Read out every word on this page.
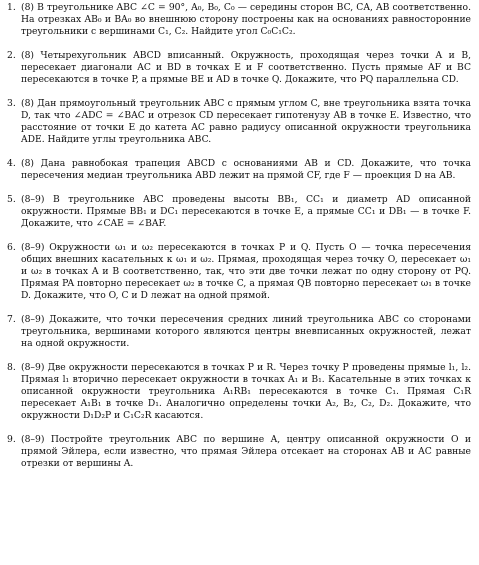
1. (8) В треугольнике ABC ∠C = 90°, A₀, B₀, C₀ — середины сторон BC, CA, AB соответственно. На отрезках AB₀ и BA₀ во внешнюю сторону построены как на основаниях равносторонние треугольники с вершинами C₁, C₂. Найдите угол C₀C₁C₂.

2. (8) Четырехугольник ABCD вписанный. Окружность, проходящая через точки A и B, пересекает диагонали AC и BD в точках E и F соответственно. Пусть прямые AF и BC пересекаются в точке P, а прямые BE и AD в точке Q. Докажите, что PQ параллельна CD.

3. (8) Дан прямоугольный треугольник ABC с прямым углом C, вне треугольника взята точка D, так что ∠ADC = ∠BAC и отрезок CD пересекает гипотенузу AB в точке E. Известно, что расстояние от точки E до катета AC равно радиусу описанной окружности треугольника ADE. Найдите углы треугольника ABC.

4. (8) Дана равнобокая трапеция ABCD с основаниями AB и CD. Докажите, что точка пересечения медиан треугольника ABD лежит на прямой CF, где F — проекция D на AB.

5. (8–9) В треугольнике ABC проведены высоты BB₁, CC₁ и диаметр AD описанной окружности. Прямые BB₁ и DC₁ пересекаются в точке E, а прямые CC₁ и DB₁ — в точке F. Докажите, что ∠CAE = ∠BAF.

6. (8–9) Окружности ω₁ и ω₂ пересекаются в точках P и Q. Пусть O — точка пересечения общих внешних касательных к ω₁ и ω₂. Прямая, проходящая через точку O, пересекает ω₁ и ω₂ в точках A и B соответственно, так, что эти две точки лежат по одну сторону от PQ. Прямая PA повторно пересекает ω₂ в точке C, а прямая QB повторно пересекает ω₁ в точке D. Докажите, что O, C и D лежат на одной прямой.

7. (8–9) Докажите, что точки пересечения средних линий треугольника ABC со сторонами треугольника, вершинами которого являются центры вневписанных окружностей, лежат на одной окружности.

8. (8–9) Две окружности пересекаются в точках P и R. Через точку P проведены прямые l₁, l₂. Прямая l₁ вторично пересекает окружности в точках A₁ и B₁. Касательные в этих точках к описанной окружности треугольника A₁RB₁ пересекаются в точке C₁. Прямая C₁R пересекает A₁B₁ в точке D₁. Аналогично определены точки A₂, B₂, C₂, D₂. Докажите, что окружности D₁D₂P и C₁C₂R касаются.

9. (8–9) Постройте треугольник ABC по вершине A, центру описанной окружности O и прямой Эйлера, если известно, что прямая Эйлера отсекает на сторонах AB и AC равные отрезки от вершины A.
